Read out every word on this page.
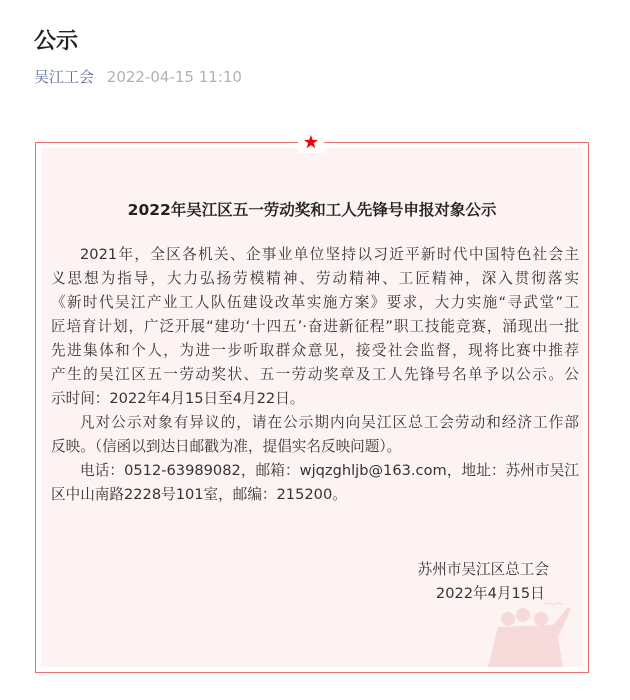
公示
吴江工会 2022-04-15 11:10
2022年吴江区五一劳动奖和工人先锋号申报对象公示
2021年，全区各机关、企事业单位坚持以习近平新时代中国特色社会主
义思想为指导，大力弘扬劳模精神、劳动精神、工匠精神，深入贯彻落实
《新时代吴江产业工人队伍建设改革实施方案》要求，大力实施“寻武堂”工
匠培育计划，广泛开展“建功‘十四五’·奋进新征程”职工技能竞赛，涌现出一批
先进集体和个人，为进一步听取群众意见，接受社会监督，现将比赛中推荐
产生的吴江区五一劳动奖状、五一劳动奖章及工人先锋号名单予以公示。公
示时间：2022年4月15日至4月22日。
凡对公示对象有异议的，请在公示期内向吴江区总工会劳动和经济工作部
反映。（信函以到达日邮戳为准，提倡实名反映问题）。
电话：0512-63989082，邮箱：wjqzghljb@163.com，地址：苏州市吴江
区中山南路2228号101室，邮编：215200。
苏州市吴江区总工会
2022年4月15日
★
